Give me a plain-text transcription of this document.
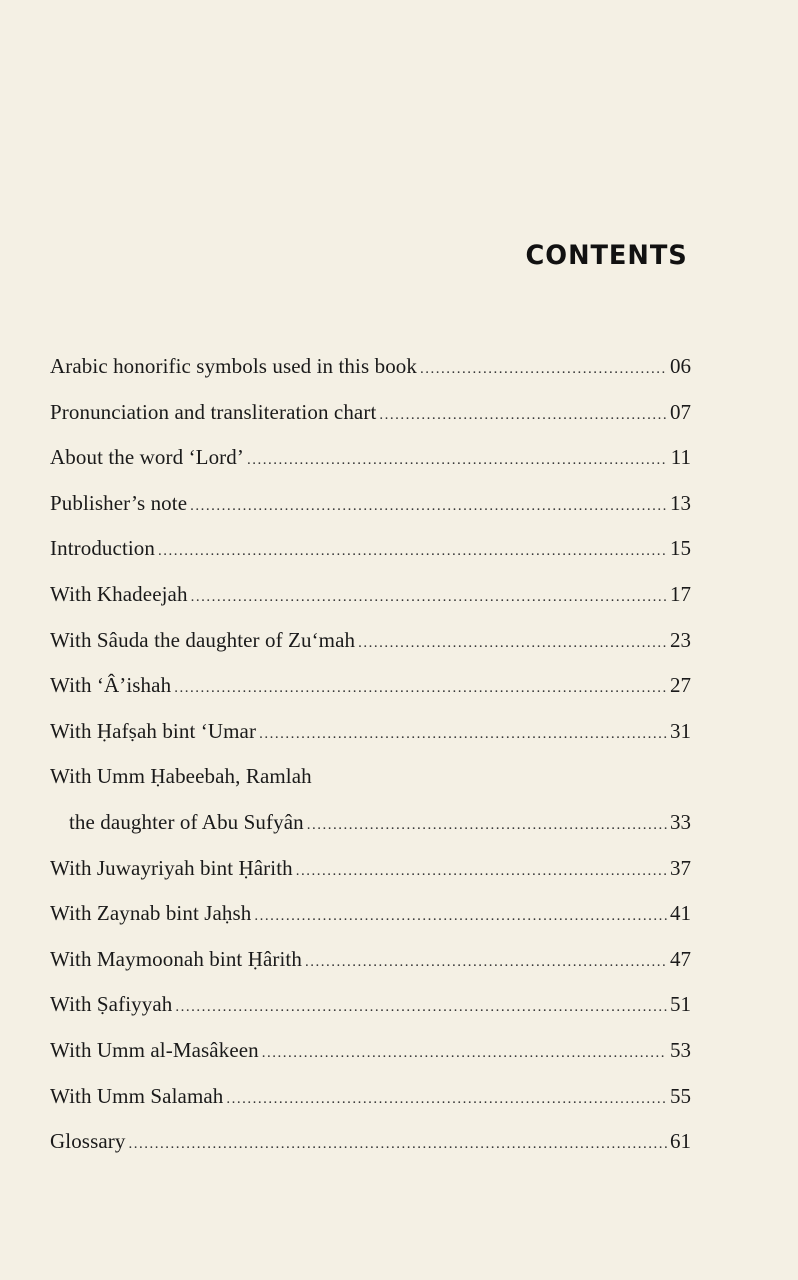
CONTENTS
Arabic honorific symbols used in this book .....	06
Pronunciation and transliteration chart .....	07
About the word ‘Lord’ .....	11
Publisher’s note .....	13
Introduction .....	15
With Khadeejah .....	17
With Sâuda the daughter of Zu‘mah .....	23
With ‘Â’ishah .....	27
With Ḥafṣah bint ‘Umar .....	31
With Umm Ḥabeebah, Ramlah
the daughter of Abu Sufyân .....	33
With Juwayriyah bint Ḥârith .....	37
With Zaynab bint Jaḥsh .....	41
With Maymoonah bint Ḥârith .....	47
With Ṣafiyyah .....	51
With Umm al-Masâkeen .....	53
With Umm Salamah .....	55
Glossary .....	61
